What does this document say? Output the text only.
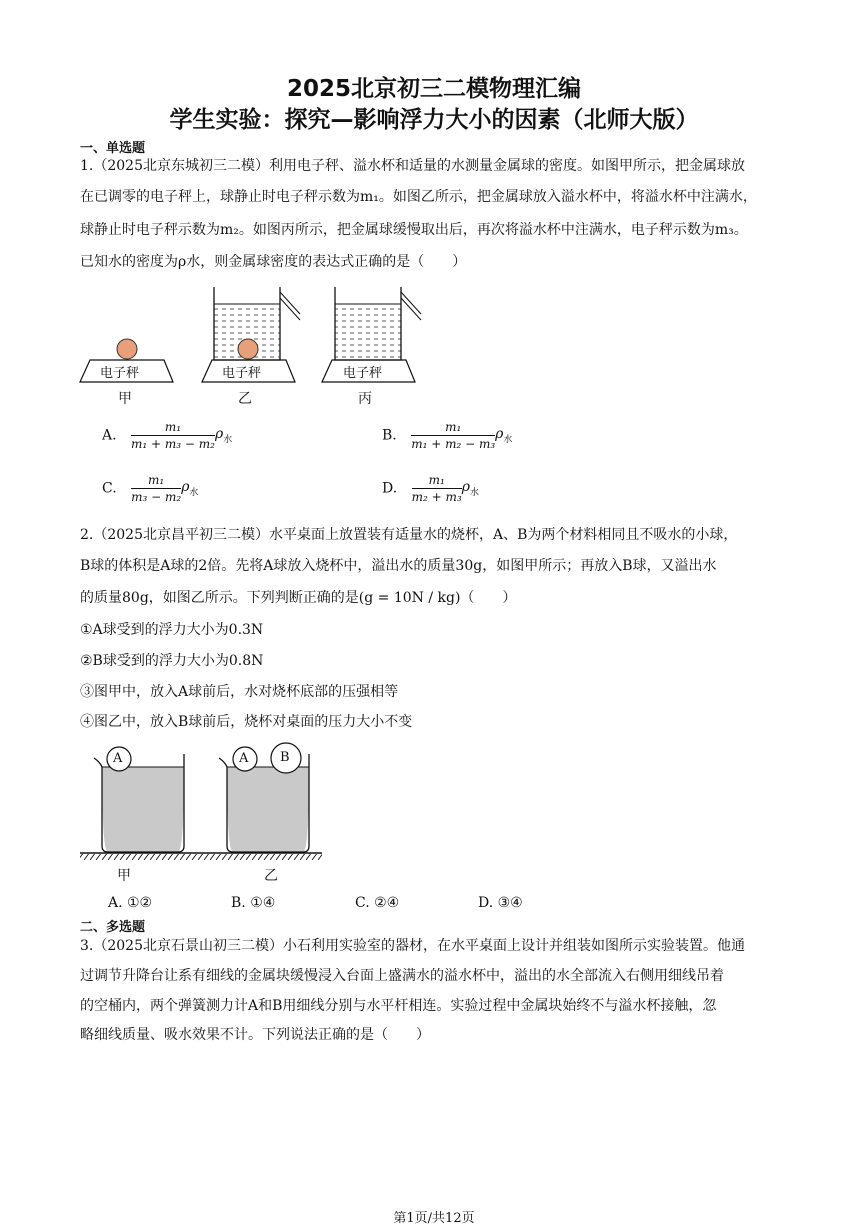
2025北京初三二模物理汇编
学生实验：探究—影响浮力大小的因素（北师大版）
一、单选题
1.（2025北京东城初三二模）利用电子秤、溢水杯和适量的水测量金属球的密度。如图甲所示，把金属球放
在已调零的电子秤上，球静止时电子秤示数为m₁。如图乙所示，把金属球放入溢水杯中，将溢水杯中注满水，
球静止时电子秤示数为m₂。如图丙所示，把金属球缓慢取出后，再次将溢水杯中注满水，电子秤示数为m₃。
已知水的密度为ρ水，则金属球密度的表达式正确的是（　　）
电子秤	电子秤	电子秤
甲	乙	丙
A. $\frac{\text{m₁}}{\text{m₁ + m₃ − m₂}} \rho_水$	B. $\frac{\text{m₁}}{\text{m₁ + m₂ − m₃}} \rho_水$
C. $\frac{\text{m₁}}{\text{m₃ − m₂}} \rho_水$	D. $\frac{\text{m₁}}{\text{m₂ + m₃}} \rho_水$
2.（2025北京昌平初三二模）水平桌面上放置装有适量水的烧杯，A、B为两个材料相同且不吸水的小球，
B球的体积是A球的2倍。先将A球放入烧杯中，溢出水的质量30g，如图甲所示；再放入B球，又溢出水
的质量80g，如图乙所示。下列判断正确的是(g = 10N / kg)（　　）
①A球受到的浮力大小为0.3N
②B球受到的浮力大小为0.8N
③图甲中，放入A球前后，水对烧杯底部的压强相等
④图乙中，放入B球前后，烧杯对桌面的压力大小不变
A	A B
甲	乙
A. ①②	B. ①④	C. ②④	D. ③④
二、多选题
3.（2025北京石景山初三二模）小石利用实验室的器材，在水平桌面上设计并组装如图所示实验装置。他通
过调节升降台让系有细线的金属块缓慢浸入台面上盛满水的溢水杯中，溢出的水全部流入右侧用细线吊着
的空桶内，两个弹簧测力计A和B用细线分别与水平杆相连。实验过程中金属块始终不与溢水杯接触，忽
略细线质量、吸水效果不计。下列说法正确的是（　　）
第1页/共12页
